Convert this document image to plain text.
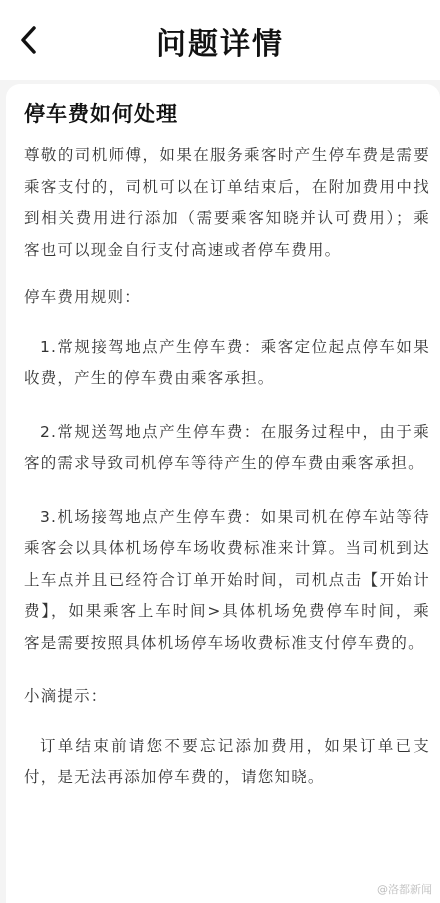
问题详情
停车费如何处理
尊敬的司机师傅，如果在服务乘客时产生停车费是需要乘客支付的，司机可以在订单结束后，在附加费用中找到相关费用进行添加（需要乘客知晓并认可费用）；乘客也可以现金自行支付高速或者停车费用。
停车费用规则：
1.常规接驾地点产生停车费：乘客定位起点停车如果收费，产生的停车费由乘客承担。
2.常规送驾地点产生停车费：在服务过程中，由于乘客的需求导致司机停车等待产生的停车费由乘客承担。
3.机场接驾地点产生停车费：如果司机在停车站等待乘客会以具体机场停车场收费标准来计算。当司机到达上车点并且已经符合订单开始时间，司机点击【开始计费】，如果乘客上车时间>具体机场免费停车时间，乘客是需要按照具体机场停车场收费标准支付停车费的。
小滴提示：
订单结束前请您不要忘记添加费用，如果订单已支付，是无法再添加停车费的，请您知晓。
@洛都新闻
